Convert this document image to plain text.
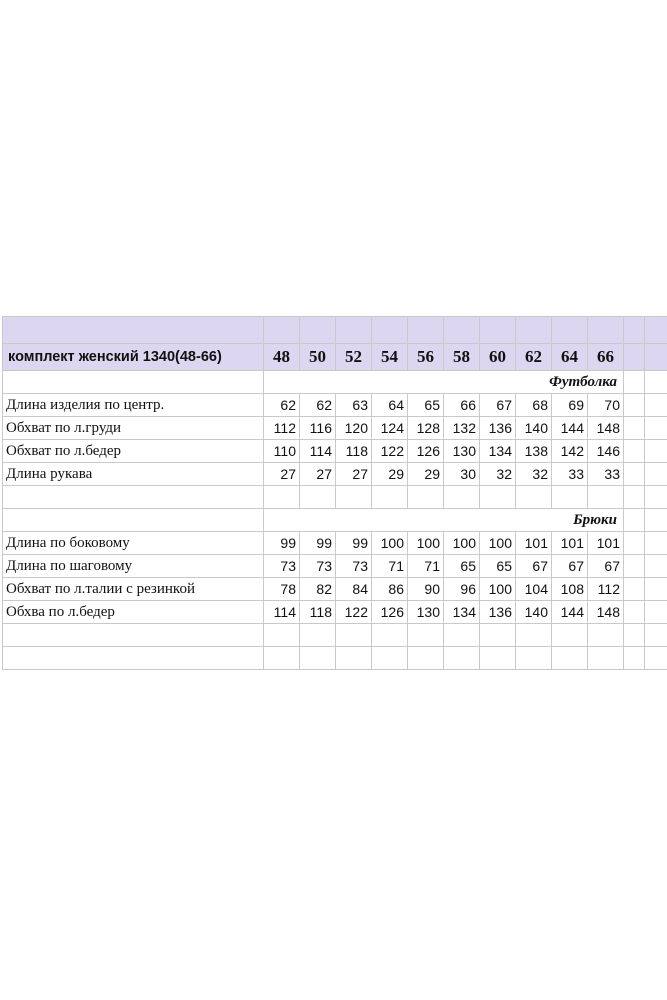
комплект женский 1340(48-66)	48	50	52	54	56	58	60	62	64	66		
	Футболка											
Длина изделия по центр.	62	62	63	64	65	66	67	68	69	70		
Обхват по л.груди	112	116	120	124	128	132	136	140	144	148		
Обхват по л.бедер	110	114	118	122	126	130	134	138	142	146		
Длина рукава	27	27	27	29	29	30	32	32	33	33		

	Брюки											
Длина по боковому	99	99	99	100	100	100	100	101	101	101		
Длина по шаговому	73	73	73	71	71	65	65	67	67	67		
Обхват по л.талии с резинкой	78	82	84	86	90	96	100	104	108	112		
Обхва по л.бедер	114	118	122	126	130	134	136	140	144	148		
